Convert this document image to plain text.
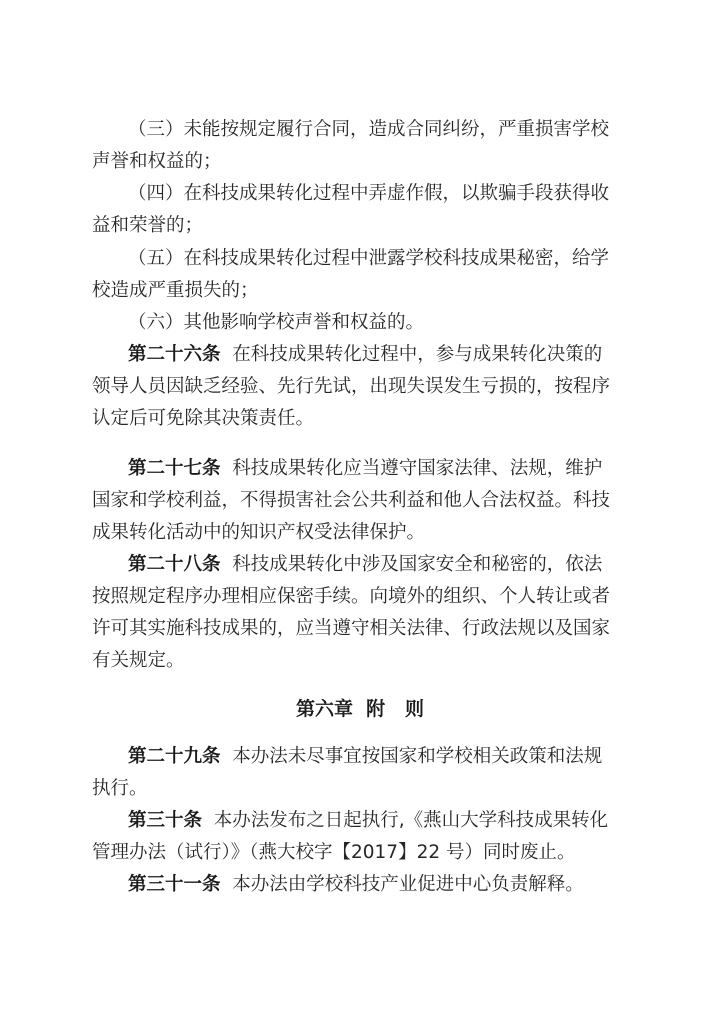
（三）未能按规定履行合同，造成合同纠纷，严重损害学校
声誉和权益的；
（四）在科技成果转化过程中弄虚作假，以欺骗手段获得收
益和荣誉的；
（五）在科技成果转化过程中泄露学校科技成果秘密，给学
校造成严重损失的；
（六）其他影响学校声誉和权益的。
第二十六条 在科技成果转化过程中，参与成果转化决策的
领导人员因缺乏经验、先行先试，出现失误发生亏损的，按程序
认定后可免除其决策责任。
第二十七条 科技成果转化应当遵守国家法律、法规，维护
国家和学校利益，不得损害社会公共利益和他人合法权益。科技
成果转化活动中的知识产权受法律保护。
第二十八条 科技成果转化中涉及国家安全和秘密的，依法
按照规定程序办理相应保密手续。向境外的组织、个人转让或者
许可其实施科技成果的，应当遵守相关法律、行政法规以及国家
有关规定。
第六章  附   则
第二十九条 本办法未尽事宜按国家和学校相关政策和法规
执行。
第三十条 本办法发布之日起执行,《燕山大学科技成果转化
管理办法（试行）》（燕大校字【2017】22 号）同时废止。
第三十一条 本办法由学校科技产业促进中心负责解释。
